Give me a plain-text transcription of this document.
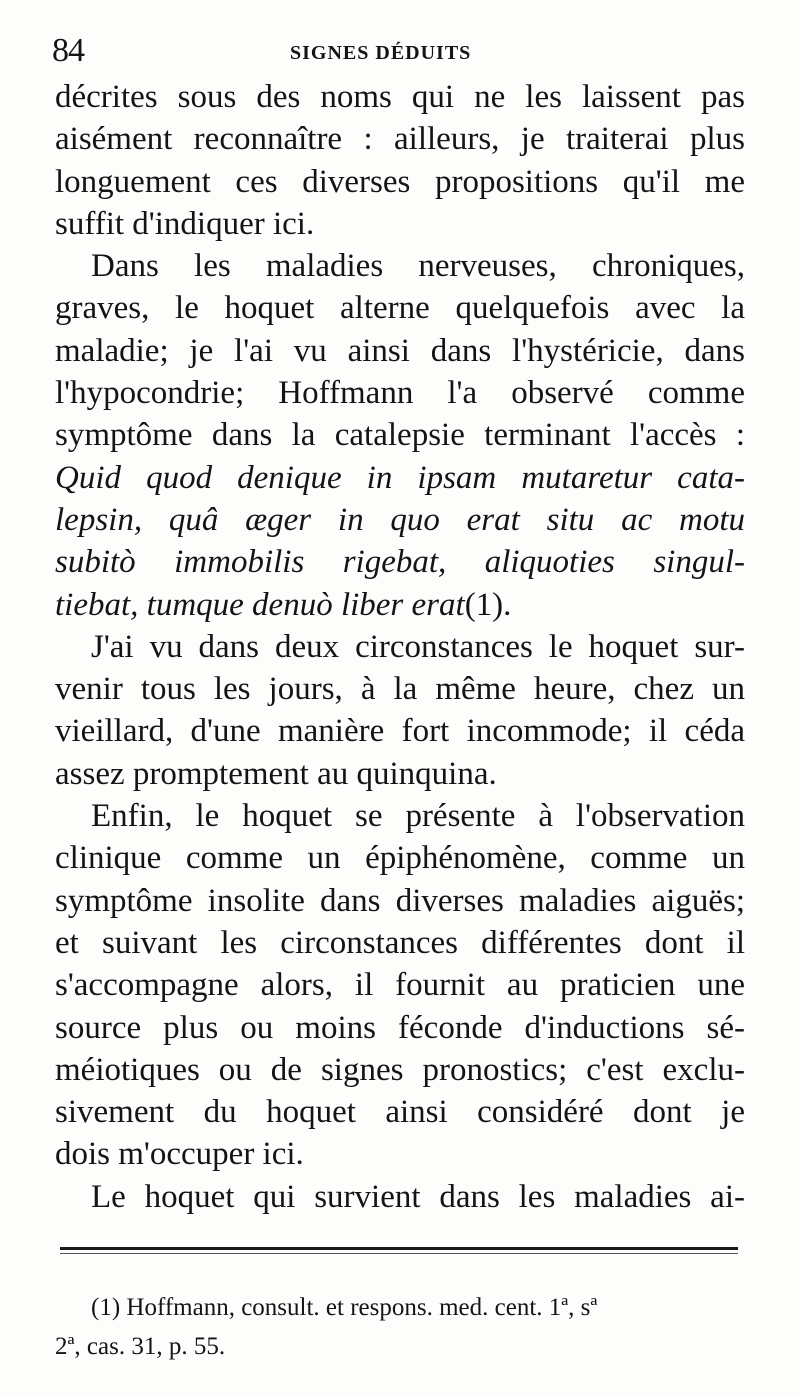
84	SIGNES DÉDUITS
décrites sous des noms qui ne les laissent pas
aisément reconnaître : ailleurs, je traiterai plus
longuement ces diverses propositions qu'il me
suffit d'indiquer ici.
Dans les maladies nerveuses, chroniques,
graves, le hoquet alterne quelquefois avec la
maladie; je l'ai vu ainsi dans l'hystéricie, dans
l'hypocondrie; Hoffmann l'a observé comme
symptôme dans la catalepsie terminant l'accès :
Quid quod denique in ipsam mutaretur cata-
lepsin, quâ æger in quo erat situ ac motu
subitò immobilis rigebat, aliquoties singul-
tiebat, tumque denuò liber erat(1).
J'ai vu dans deux circonstances le hoquet sur-
venir tous les jours, à la même heure, chez un
vieillard, d'une manière fort incommode; il céda
assez promptement au quinquina.
Enfin, le hoquet se présente à l'observation
clinique comme un épiphénomène, comme un
symptôme insolite dans diverses maladies aiguës;
et suivant les circonstances différentes dont il
s'accompagne alors, il fournit au praticien une
source plus ou moins féconde d'inductions sé-
méiotiques ou de signes pronostics; c'est exclu-
sivement du hoquet ainsi considéré dont je
dois m'occuper ici.
Le hoquet qui survient dans les maladies ai-
(1) Hoffmann, consult. et respons. med. cent. 1ª, sª
2ª, cas. 31, p. 55.
